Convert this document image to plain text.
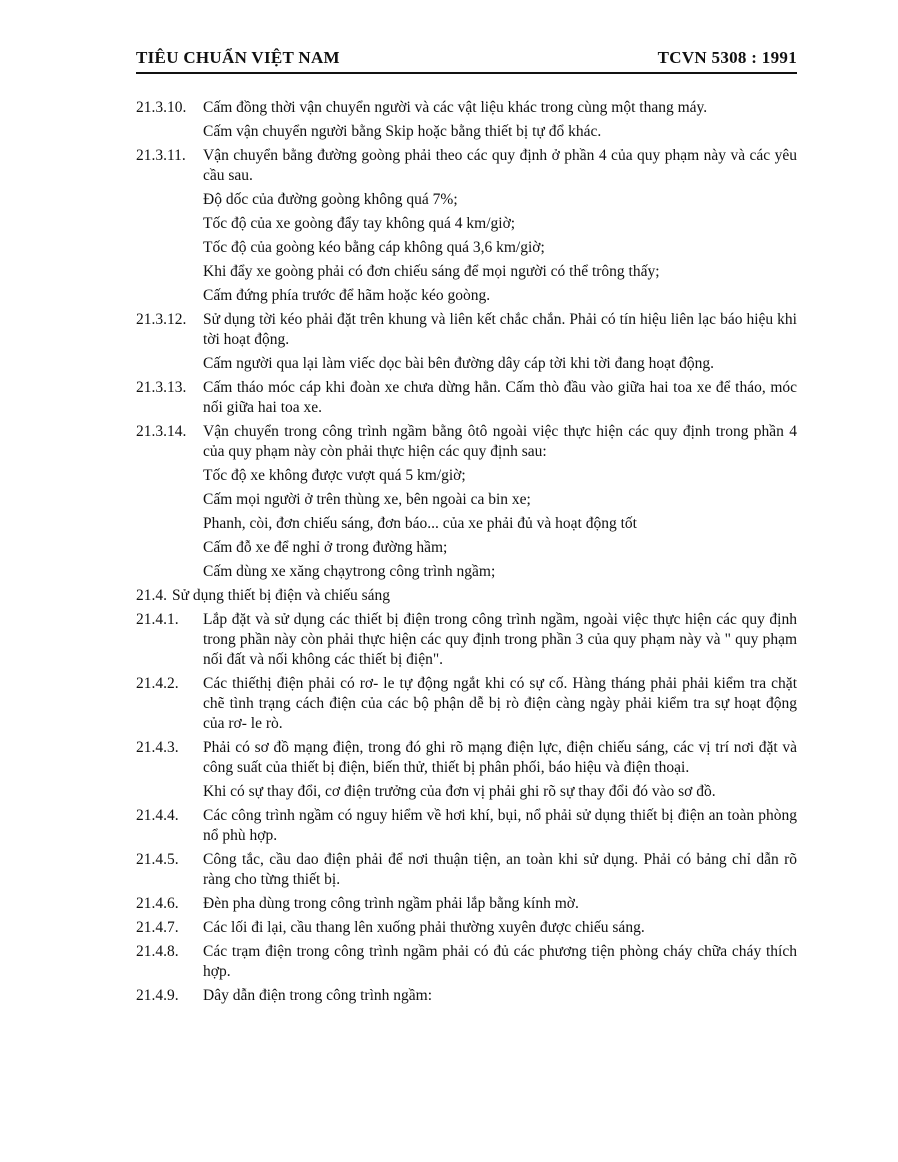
TIÊU CHUẨN VIỆT NAM	TCVN 5308 : 1991
21.3.10.	Cấm đồng thời vận chuyển người và các vật liệu khác trong cùng một thang máy.
Cấm vận chuyển người bằng Skip hoặc bằng thiết bị tự đổ khác.
21.3.11.	Vận chuyển bằng đường goòng phải theo các quy định ở phần 4 của quy phạm này và các yêu cầu sau.
Độ dốc của đường goòng không quá 7%;
Tốc độ của xe goòng đẩy tay không quá 4 km/giờ;
Tốc độ của goòng kéo bằng cáp không quá 3,6 km/giờ;
Khi đẩy xe goòng phải có đơn chiếu sáng để mọi người có thể trông thấy;
Cấm đứng phía trước để hãm hoặc kéo goòng.
21.3.12.	Sử dụng tời kéo phải đặt trên khung và liên kết chắc chắn. Phải có tín hiệu liên lạc báo hiệu khi tời hoạt động.
Cấm người qua lại làm viếc dọc bài bên đường dây cáp tời khi tời đang hoạt động.
21.3.13.	Cấm tháo móc cáp khi đoàn xe chưa dừng hẳn. Cấm thò đầu vào giữa hai toa xe để tháo, móc nối giữa hai toa xe.
21.3.14.	Vận chuyển trong công trình ngầm bằng ôtô ngoài việc thực hiện các quy định trong phần 4 của quy phạm này còn phải thực hiện các quy định sau:
Tốc độ xe không được vượt quá 5 km/giờ;
Cấm mọi người ở trên thùng xe, bên ngoài ca bin xe;
Phanh, còi, đơn chiếu sáng, đơn báo... của xe phải đủ và hoạt động tốt
Cấm đỗ xe để nghỉ ở trong đường hầm;
Cấm dùng xe xăng chạytrong công trình ngầm;
21.4. Sử dụng thiết bị điện và chiếu sáng
21.4.1.	Lắp đặt và sử dụng các thiết bị điện trong công trình ngầm, ngoài việc thực hiện các quy định trong phần này còn phải thực hiện các quy định trong phần 3 của quy phạm này và " quy phạm nối đất và nối không các thiết bị điện".
21.4.2.	Các thiếthị điện phải có rơ- le tự động ngắt khi có sự cố. Hàng tháng phải phải kiểm tra chặt chẽ tình trạng cách điện của các bộ phận dễ bị rò điện càng ngày phải kiểm tra sự hoạt động của rơ- le rò.
21.4.3.	Phải có sơ đồ mạng điện, trong đó ghi rõ mạng điện lực, điện chiếu sáng, các vị trí nơi đặt và công suất của thiết bị điện, biến thử, thiết bị phân phối, báo hiệu và điện thoại.
Khi có sự thay đổi, cơ điện trưởng của đơn vị phải ghi rõ sự thay đổi đó vào sơ đồ.
21.4.4.	Các công trình ngầm có nguy hiểm về hơi khí, bụi, nổ phải sử dụng thiết bị điện an toàn phòng nổ phù hợp.
21.4.5.	Công tắc, cầu dao điện phải để nơi thuận tiện, an toàn khi sử dụng. Phải có bảng chỉ dẫn rõ ràng cho từng thiết bị.
21.4.6.	Đèn pha dùng trong công trình ngầm phải lắp bằng kính mờ.
21.4.7.	Các lối đi lại, cầu thang lên xuống phải thường xuyên được chiếu sáng.
21.4.8.	Các trạm điện trong công trình ngầm phải có đủ các phương tiện phòng cháy chữa cháy thích hợp.
21.4.9.	Dây dẫn điện trong công trình ngầm:
